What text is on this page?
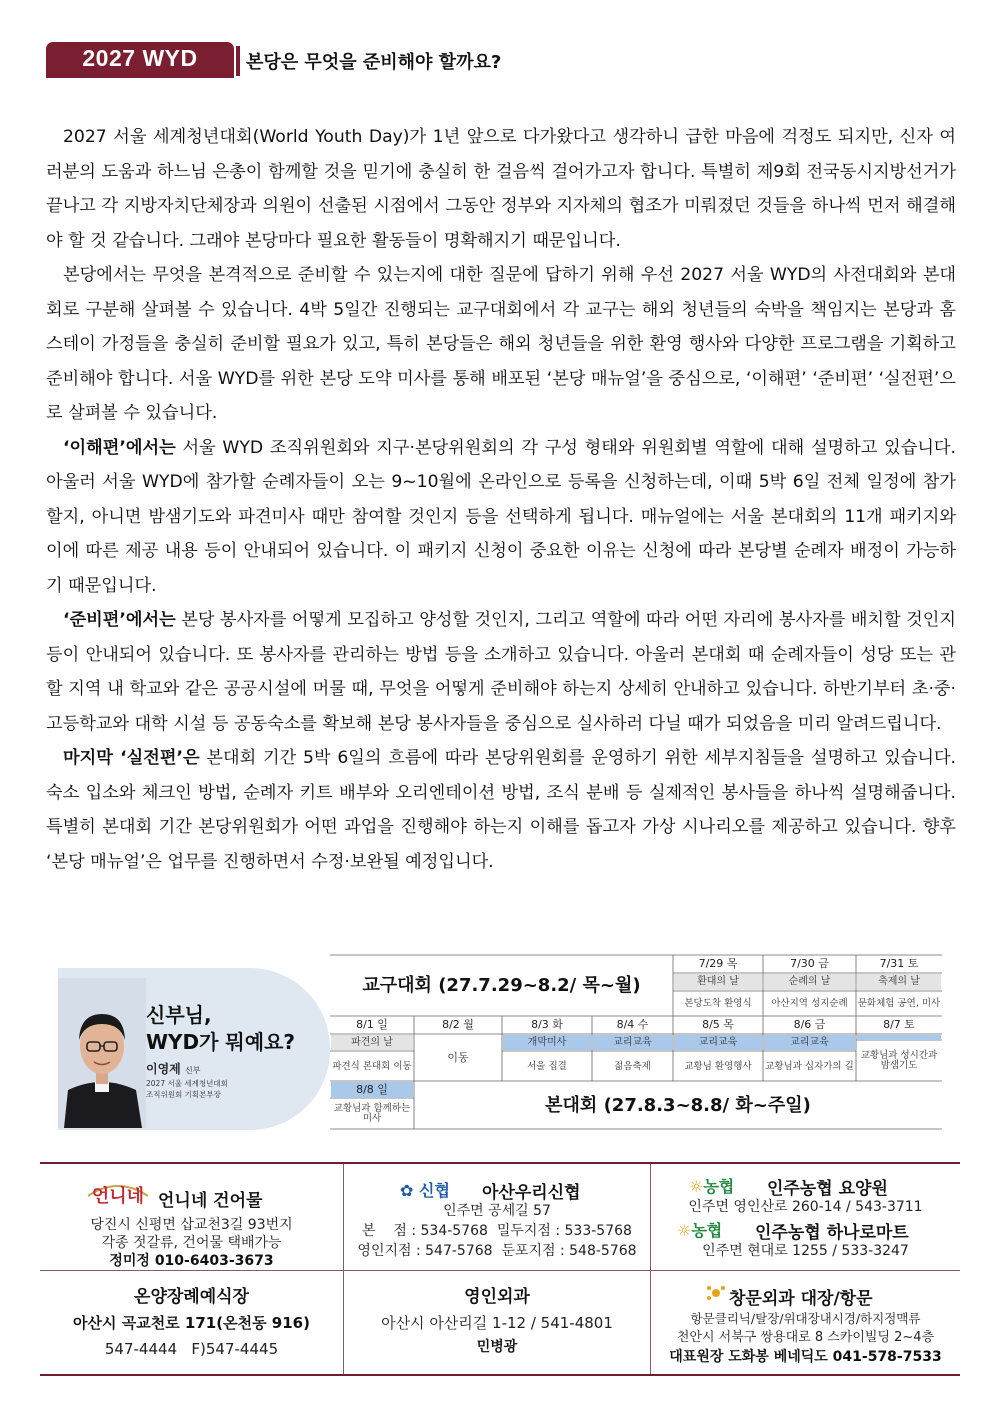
2027 WYD	본당은 무엇을 준비해야 할까요?

2027 서울 세계청년대회(World Youth Day)가 1년 앞으로 다가왔다고 생각하니 급한 마음에 걱정도 되지만, 신자 여러분의 도움과 하느님 은총이 함께할 것을 믿기에 충실히 한 걸음씩 걸어가고자 합니다. 특별히 제9회 전국동시지방선거가 끝나고 각 지방자치단체장과 의원이 선출된 시점에서 그동안 정부와 지자체의 협조가 미뤄졌던 것들을 하나씩 먼저 해결해야 할 것 같습니다. 그래야 본당마다 필요한 활동들이 명확해지기 때문입니다.

본당에서는 무엇을 본격적으로 준비할 수 있는지에 대한 질문에 답하기 위해 우선 2027 서울 WYD의 사전대회와 본대회로 구분해 살펴볼 수 있습니다. 4박 5일간 진행되는 교구대회에서 각 교구는 해외 청년들의 숙박을 책임지는 본당과 홈스테이 가정들을 충실히 준비할 필요가 있고, 특히 본당들은 해외 청년들을 위한 환영 행사와 다양한 프로그램을 기획하고 준비해야 합니다. 서울 WYD를 위한 본당 도약 미사를 통해 배포된 ‘본당 매뉴얼’을 중심으로, ‘이해편’ ‘준비편’ ‘실전편’으로 살펴볼 수 있습니다.

‘이해편’에서는 서울 WYD 조직위원회와 지구·본당위원회의 각 구성 형태와 위원회별 역할에 대해 설명하고 있습니다. 아울러 서울 WYD에 참가할 순례자들이 오는 9~10월에 온라인으로 등록을 신청하는데, 이때 5박 6일 전체 일정에 참가할지, 아니면 밤샘기도와 파견미사 때만 참여할 것인지 등을 선택하게 됩니다. 매뉴얼에는 서울 본대회의 11개 패키지와 이에 따른 제공 내용 등이 안내되어 있습니다. 이 패키지 신청이 중요한 이유는 신청에 따라 본당별 순례자 배정이 가능하기 때문입니다.

‘준비편’에서는 본당 봉사자를 어떻게 모집하고 양성할 것인지, 그리고 역할에 따라 어떤 자리에 봉사자를 배치할 것인지 등이 안내되어 있습니다. 또 봉사자를 관리하는 방법 등을 소개하고 있습니다. 아울러 본대회 때 순례자들이 성당 또는 관할 지역 내 학교와 같은 공공시설에 머물 때, 무엇을 어떻게 준비해야 하는지 상세히 안내하고 있습니다. 하반기부터 초·중·고등학교와 대학 시설 등 공동숙소를 확보해 본당 봉사자들을 중심으로 실사하러 다닐 때가 되었음을 미리 알려드립니다.

마지막 ‘실전편’은 본대회 기간 5박 6일의 흐름에 따라 본당위원회를 운영하기 위한 세부지침들을 설명하고 있습니다. 숙소 입소와 체크인 방법, 순례자 키트 배부와 오리엔테이션 방법, 조식 분배 등 실제적인 봉사들을 하나씩 설명해줍니다. 특별히 본대회 기간 본당위원회가 어떤 과업을 진행해야 하는지 이해를 돕고자 가상 시나리오를 제공하고 있습니다. 향후 ‘본당 매뉴얼’은 업무를 진행하면서 수정·보완될 예정입니다.

신부님,
WYD가 뭐예요?
이영제 신부
2027 서울 세계청년대회
조직위원회 기획본부장
교구대회 (27.7.29~8.2/ 목~월)
7/29 목
환대의 날
본당도착 환영식
7/30 금
순례의 날
아산지역 성지순례
7/31 토
축제의 날
문화체험 공연, 미사
8/1 일
파견의 날
파견식 본대회 이동
8/2 월
이동
8/3 화
개막미사
서울 집결
8/4 수
교리교육
젊음축제
8/5 목
교리교육
교황님 환영행사
8/6 금
교리교육
교황님과 십자가의 길
8/7 토
교황님과 성시간과 밤샘기도
8/8 일
교황님과 함께하는 미사
본대회 (27.8.3~8.8/ 화~주일)
언니네 언니네 건어물
당진시 신평면 삽교천3길 93번지
각종 젓갈류, 건어물 택배가능
정미정 010-6403-3673
✿ 신협 아산우리신협
인주면 공세길 57
본    점 : 534-5768  밀두지점 : 533-5768
영인지점 : 547-5768  둔포지점 : 548-5768
☼농협 인주농협 요양원
인주면 영인산로 260-14 / 543-3711
☼농협 인주농협 하나로마트
인주면 현대로 1255 / 533-3247
온양장례예식장
아산시 곡교천로 171(온천동 916)
547-4444   F)547-4445
영인외과
아산시 아산리길 1-12 / 541-4801
민병광
창문외과 대장/항문
항문클리닉/탈장/위대장내시경/하지정맥류
천안시 서북구 쌍용대로 8 스카이빌딩 2~4층
대표원장 도화봉 베네딕도 041-578-7533
